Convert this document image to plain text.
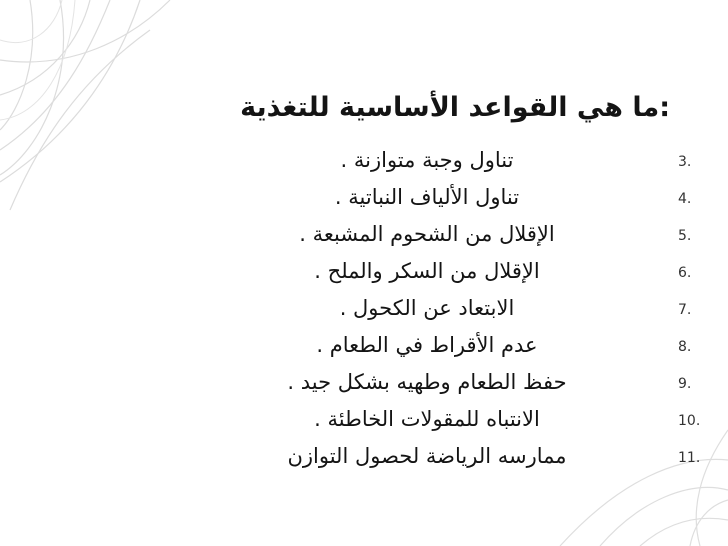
:ما هي القواعد الأساسية للتغذية
تناول وجبة متوازنة .	3.
تناول الألياف النباتية .	4.
الإقلال من الشحوم المشبعة .	5.
الإقلال من السكر والملح .	6.
الابتعاد عن الكحول .	7.
عدم الأقراط في الطعام .	8.
حفظ الطعام وطهيه بشكل جيد .	9.
الانتباه للمقولات الخاطئة .	10.
ممارسه الرياضة لحصول التوازن	11.
